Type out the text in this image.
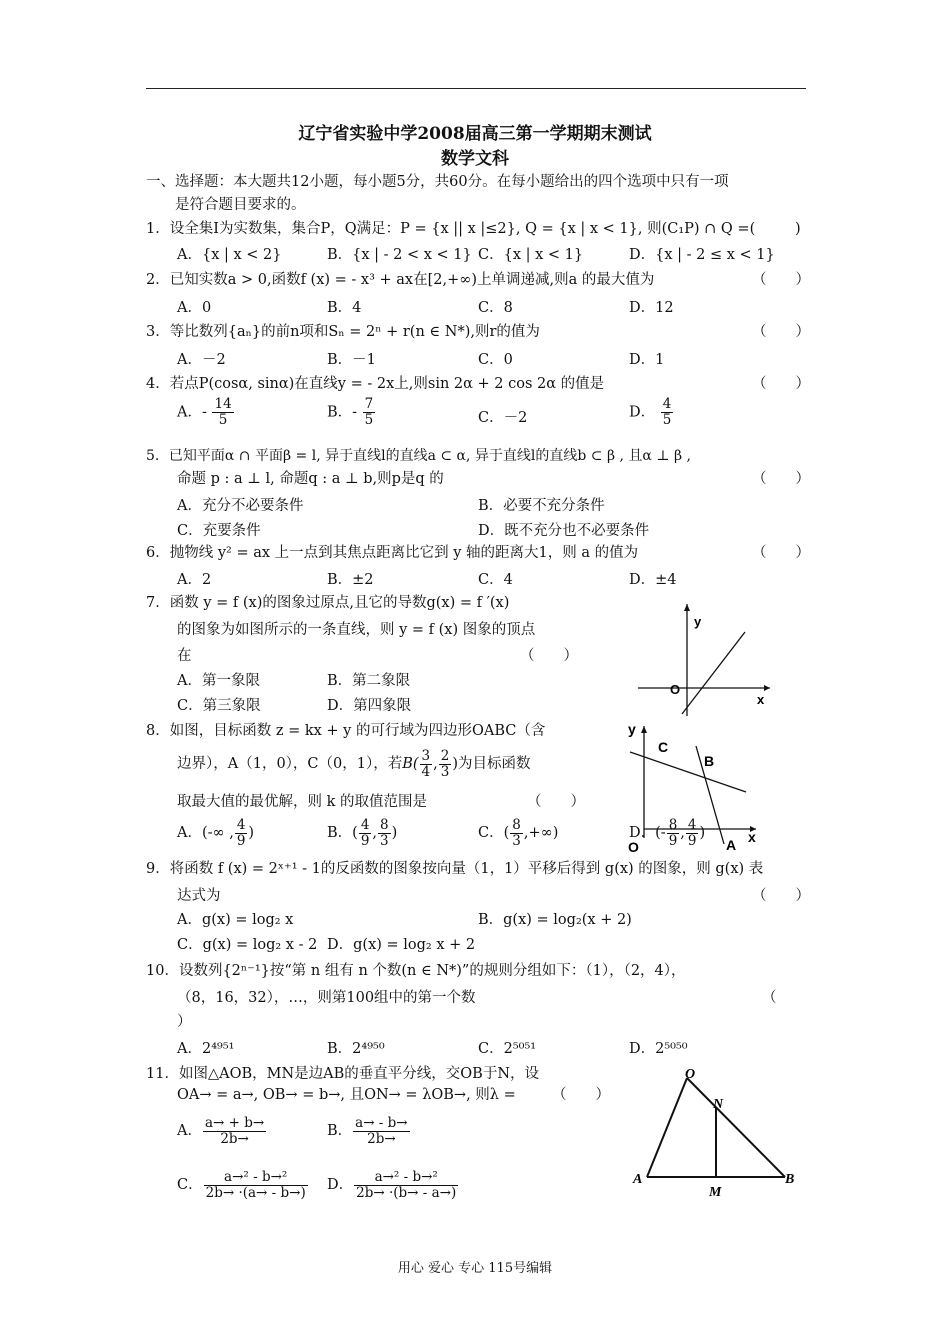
辽宁省实验中学2008届高三第一学期期末测试
数学文科
一、选择题：本大题共12小题，每小题5分，共60分。在每小题给出的四个选项中只有一项
是符合题目要求的。
1．设全集Ⅰ为实数集，集合P，Q满足：P = {x || x |≤2}, Q = {x | x < 1}, 则(C₁P) ∩ Q =(	)
A．{x | x < 2}	B．{x | - 2 < x < 1} C．{x | x < 1}	D．{x | - 2 ≤ x < 1}
2．已知实数a > 0,函数f (x) = - x³ + ax在[2,+∞)上单调递减,则a 的最大值为	（　　）
A．0	B．4	C．8	D．12
3．等比数列{aₙ}的前n项和Sₙ = 2ⁿ + r(n ∈ N*),则r的值为	（　　）
A．－2	B．－1	C．0	D．1
4．若点P(cosα, sinα)在直线y = - 2x上,则sin 2α + 2 cos 2α 的值是	（　　）
A．- $\frac{14}{5}$	B．- $\frac{7}{5}$	C．－2	D． $\frac{4}{5}$
5．已知平面α ∩ 平面β = l, 异于直线l的直线a ⊂ α, 异于直线l的直线b ⊂ β , 且α ⊥ β ,
命题 p : a ⊥ l, 命题q : a ⊥ b,则p是q 的	（　　）
A．充分不必要条件	B．必要不充分条件
C．充要条件	D．既不充分也不必要条件
6．抛物线 y² = ax 上一点到其焦点距离比它到 y 轴的距离大1，则 a 的值为	（　　）
A．2	B．±2	C．4	D．±4
7．函数 y = f (x)的图象过原点,且它的导数g(x) = f ′(x)
的图象为如图所示的一条直线，则 y = f (x) 图象的顶点
在	（　　）
A．第一象限	B．第二象限
C．第三象限	D．第四象限
y
x
O
8．如图，目标函数 z = kx + y 的可行域为四边形OABC（含
边界），A（1，0），C（0，1），若$B( \frac{3}{4}$ , $\frac{2}{3}$ )为目标函数
取最大值的最优解，则 k 的取值范围是	（　　）
A．(-∞ , $\frac{4}{9}$ )	B．( $\frac{4}{9}$ , $\frac{8}{3}$ )	C．( $\frac{8}{3}$ ,+∞)
y
x
O	A
B
C
D．(- $\frac{8}{9}$ , $\frac{4}{9}$ )
9．将函数 f (x) = 2ˣ⁺¹ - 1的反函数的图象按向量（1，1）平移后得到 g(x) 的图象，则 g(x) 表
达式为	（　　）
A．g(x) = log₂ x	B．g(x) = log₂(x + 2)
C．g(x) = log₂ x - 2 D．g(x) = log₂ x + 2
10．设数列{2ⁿ⁻¹}按“第 n 组有 n 个数(n ∈ N*)”的规则分组如下：（1），（2，4），
（8，16，32），…，则第100组中的第一个数	（
）
A．2⁴⁹⁵¹	B．2⁴⁹⁵⁰	C．2⁵⁰⁵¹	D．2⁵⁰⁵⁰
11．如图△AOB，MN是边AB的垂直平分线，交OB于N，设
OA→ = a→, OB→ = b→, 且ON→ = λOB→, 则λ =	（　　）
A． $\frac{a\to + b\to}{2b\to}$	B． $\frac{a\to - b\to}{2b\to}$
C． $\frac{\text{a→² - b→²}}{2b\to \cdot(a\to - b\to)}$ D． $\frac{\text{a→² - b→²}}{2b\to \cdot(b\to - a\to)}$
O
N
A
M
B
用心 爱心 专心 115号编辑
